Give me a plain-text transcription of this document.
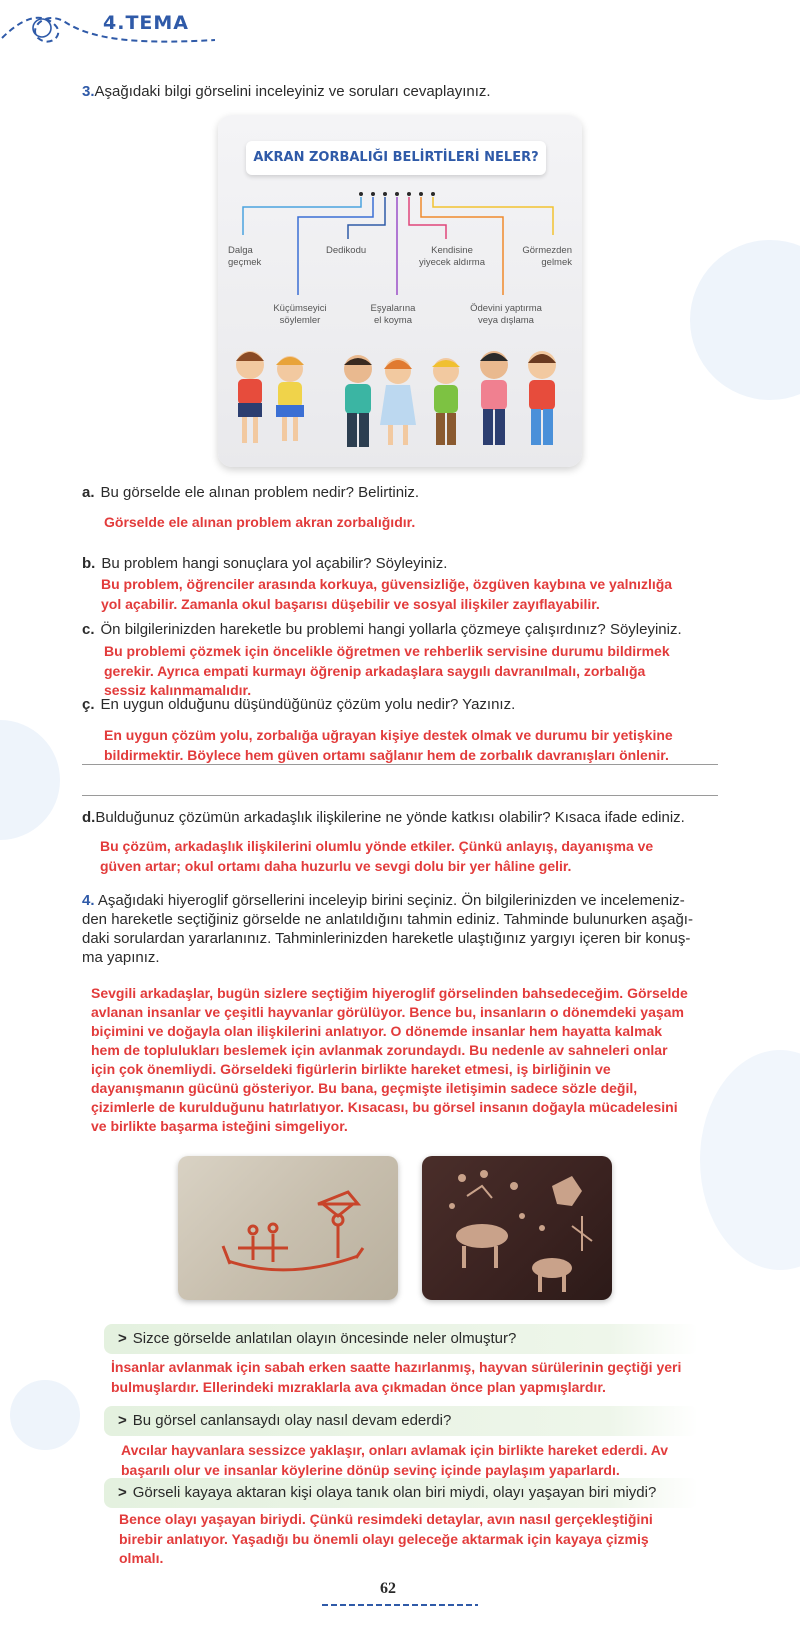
4.TEMA
3.Aşağıdaki bilgi görselini inceleyiniz ve soruları cevaplayınız.
AKRAN ZORBALIĞI BELİRTİLERİ NELER?
Dalga
geçmek
Dedikodu	Kendisine
yiyecek aldırma
Görmezden
gelmek
Küçümseyici
söylemler
Eşyalarına
el koyma
Ödevini yaptırma
veya dışlama
a. Bu görselde ele alınan problem nedir? Belirtiniz.
Görselde ele alınan problem akran zorbalığıdır.
b. Bu problem hangi sonuçlara yol açabilir? Söyleyiniz.
Bu problem, öğrenciler arasında korkuya, güvensizliğe, özgüven kaybına ve yalnızlığa
yol açabilir. Zamanla okul başarısı düşebilir ve sosyal ilişkiler zayıflayabilir.
c. Ön bilgilerinizden hareketle bu problemi hangi yollarla çözmeye çalışırdınız? Söyleyiniz.
Bu problemi çözmek için öncelikle öğretmen ve rehberlik servisine durumu bildirmek
gerekir. Ayrıca empati kurmayı öğrenip arkadaşlara saygılı davranılmalı, zorbalığa
sessiz kalınmamalıdır.
ç. En uygun olduğunu düşündüğünüz çözüm yolu nedir? Yazınız.
En uygun çözüm yolu, zorbalığa uğrayan kişiye destek olmak ve durumu bir yetişkine
bildirmektir. Böylece hem güven ortamı sağlanır hem de zorbalık davranışları önlenir.
d.Bulduğunuz çözümün arkadaşlık ilişkilerine ne yönde katkısı olabilir? Kısaca ifade ediniz.
Bu çözüm, arkadaşlık ilişkilerini olumlu yönde etkiler. Çünkü anlayış, dayanışma ve
güven artar; okul ortamı daha huzurlu ve sevgi dolu bir yer hâline gelir.
4. Aşağıdaki hiyeroglif görsellerini inceleyip birini seçiniz. Ön bilgilerinizden ve incelemeniz-
den hareketle seçtiğiniz görselde ne anlatıldığını tahmin ediniz. Tahminde bulunurken aşağı-
daki sorulardan yararlanınız. Tahminlerinizden hareketle ulaştığınız yargıyı içeren bir konuş-
ma yapınız.
Sevgili arkadaşlar, bugün sizlere seçtiğim hiyeroglif görselinden bahsedeceğim. Görselde
avlanan insanlar ve çeşitli hayvanlar görülüyor. Bence bu, insanların o dönemdeki yaşam
biçimini ve doğayla olan ilişkilerini anlatıyor. O dönemde insanlar hem hayatta kalmak
hem de toplulukları beslemek için avlanmak zorundaydı. Bu nedenle av sahneleri onlar
için çok önemliydi. Görseldeki figürlerin birlikte hareket etmesi, iş birliğinin ve
dayanışmanın gücünü gösteriyor. Bu bana, geçmişte iletişimin sadece sözle değil,
çizimlerle de kurulduğunu hatırlatıyor. Kısacası, bu görsel insanın doğayla mücadelesini
ve birlikte başarma isteğini simgeliyor.
> Sizce görselde anlatılan olayın öncesinde neler olmuştur?
İnsanlar avlanmak için sabah erken saatte hazırlanmış, hayvan sürülerinin geçtiği yeri
bulmuşlardır. Ellerindeki mızraklarla ava çıkmadan önce plan yapmışlardır.
> Bu görsel canlansaydı olay nasıl devam ederdi?
Avcılar hayvanlara sessizce yaklaşır, onları avlamak için birlikte hareket ederdi. Av
başarılı olur ve insanlar köylerine dönüp sevinç içinde paylaşım yaparlardı.
> Görseli kayaya aktaran kişi olaya tanık olan biri miydi, olayı yaşayan biri miydi?
Bence olayı yaşayan biriydi. Çünkü resimdeki detaylar, avın nasıl gerçekleştiğini
birebir anlatıyor. Yaşadığı bu önemli olayı geleceğe aktarmak için kayaya çizmiş
olmalı.
62
